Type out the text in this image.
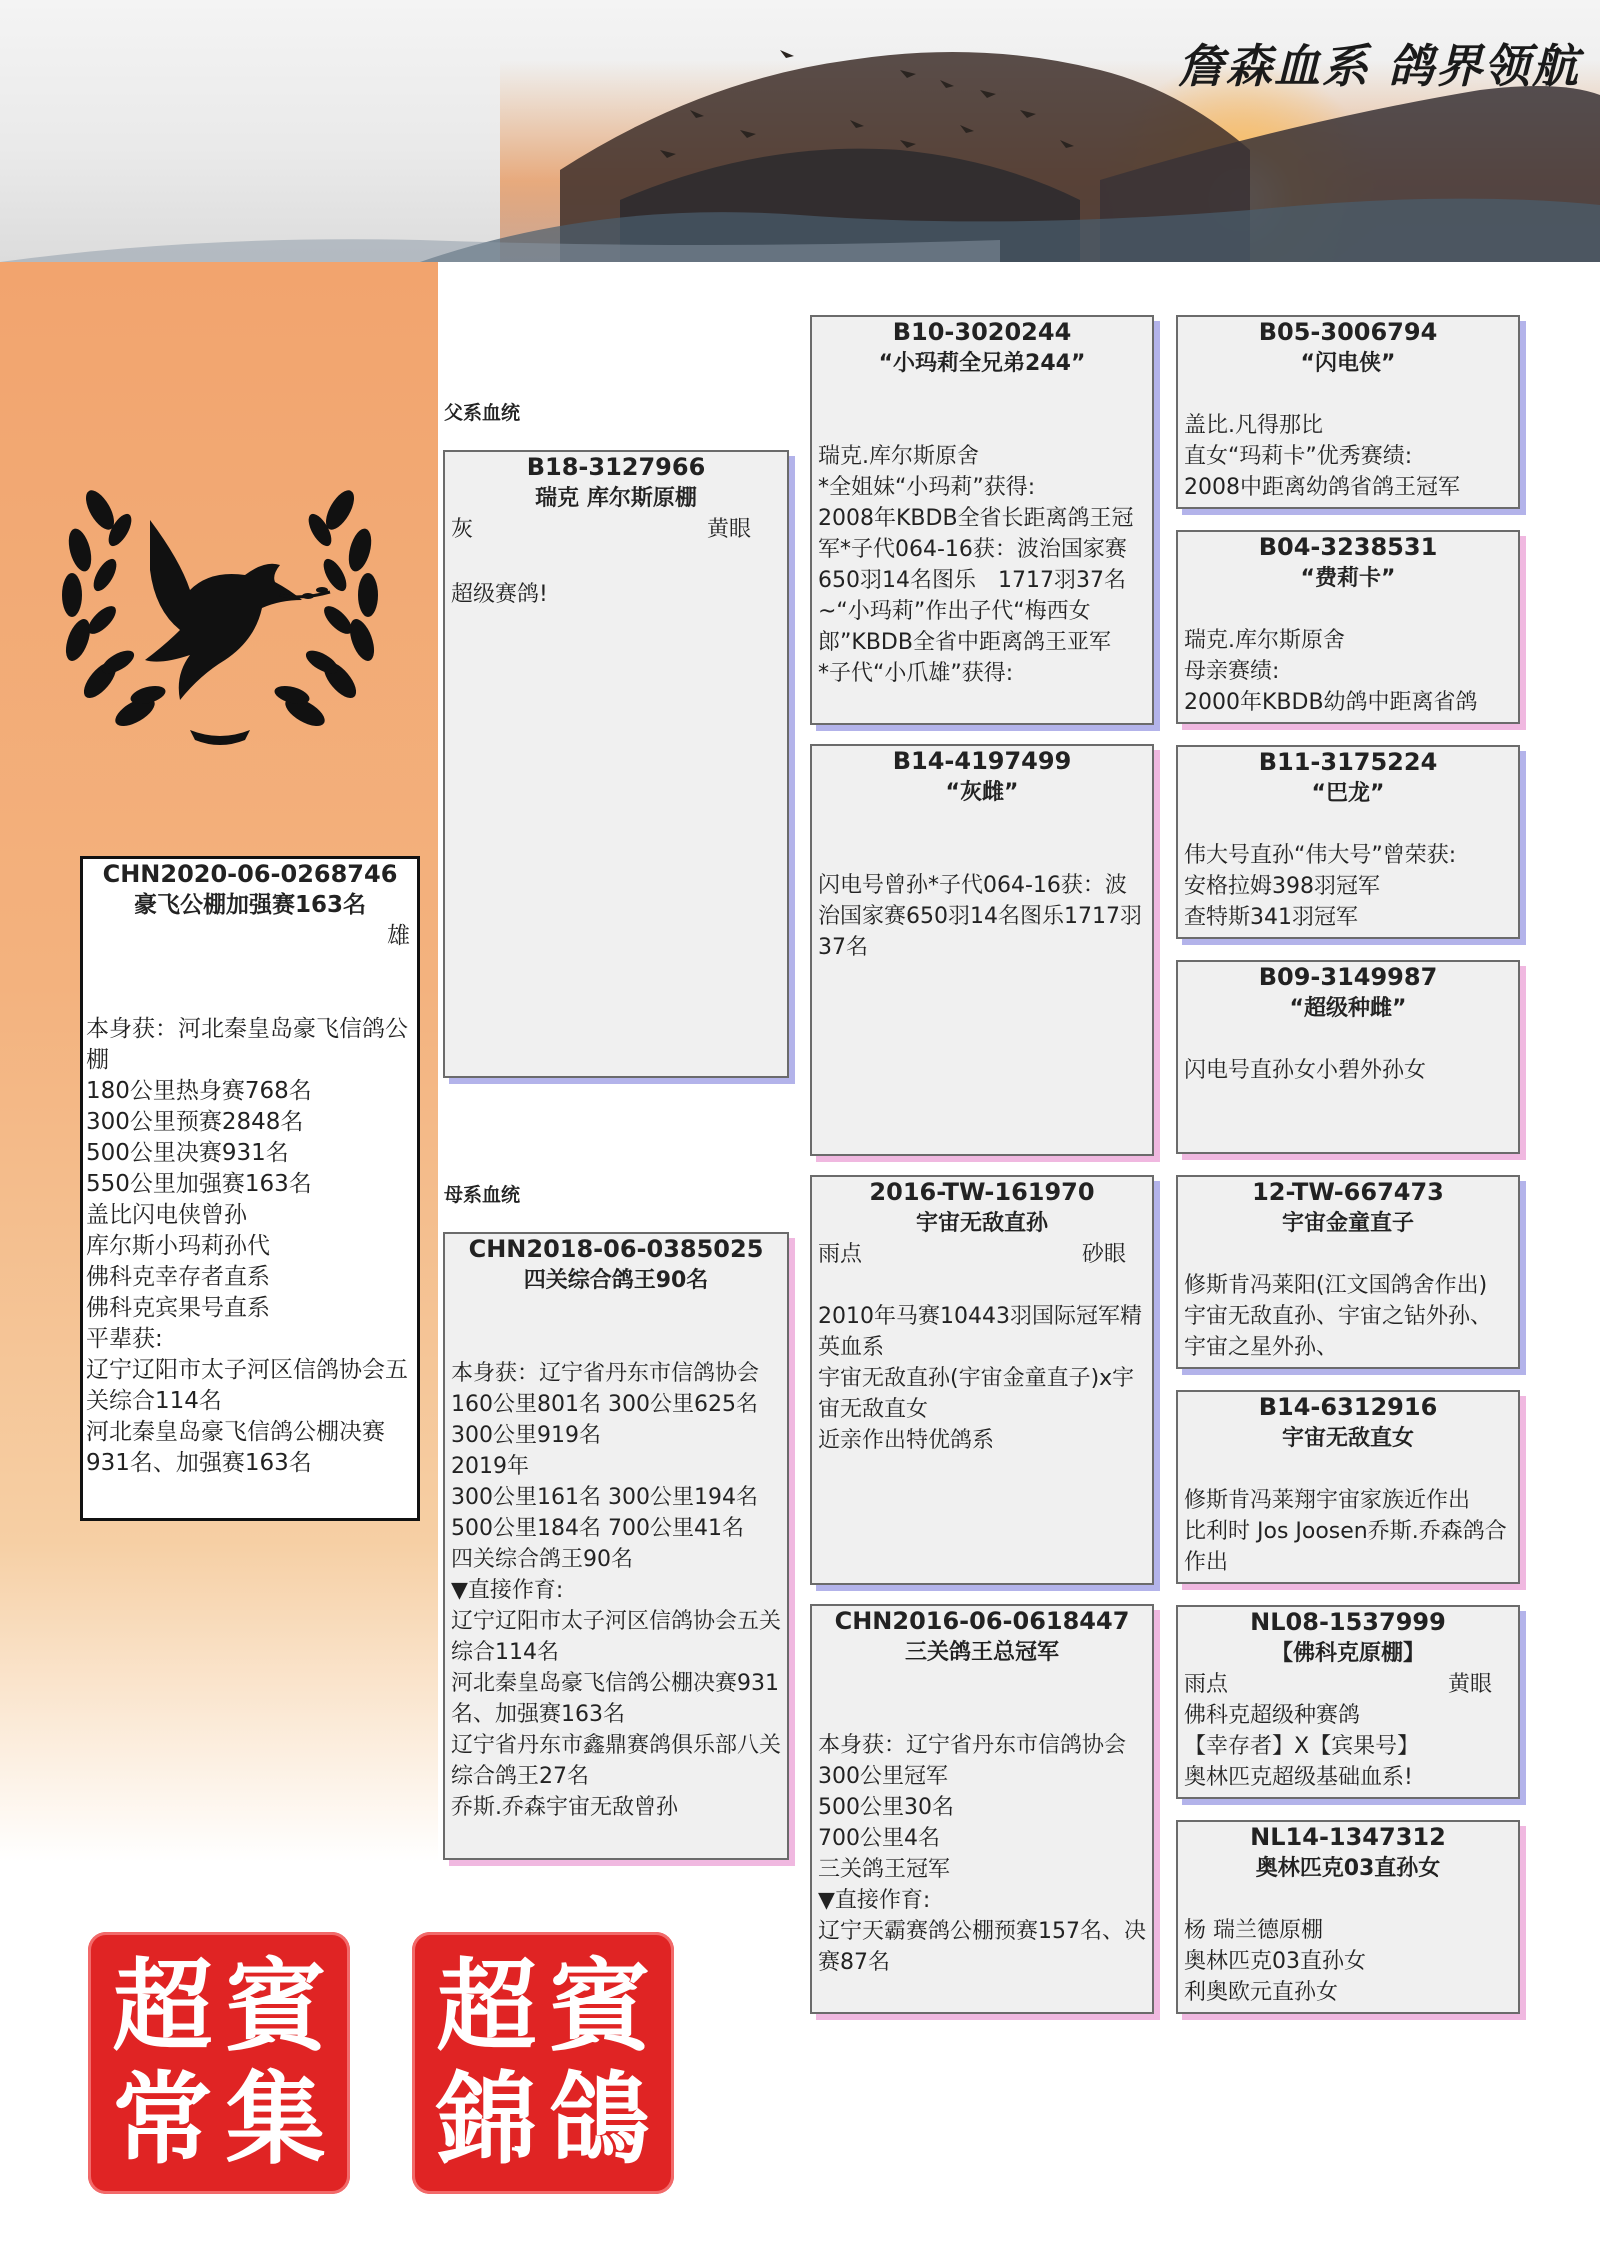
詹森血系 鸽界领航
父系血统
母系血统
CHN2020-06-0268746
豪飞公棚加强赛163名
雄
本身获：河北秦皇岛豪飞信鸽公棚
180公里热身赛768名
300公里预赛2848名
500公里决赛931名
550公里加强赛163名
盖比闪电侠曾孙
库尔斯小玛莉孙代
佛科克幸存者直系
佛科克宾果号直系
平辈获:
辽宁辽阳市太子河区信鸽协会五关综合114名
河北秦皇岛豪飞信鸽公棚决赛931名、加强赛163名
B18-3127966
瑞克 库尔斯原棚
灰	黄眼
超级赛鸽!
CHN2018-06-0385025
四关综合鸽王90名
本身获：辽宁省丹东市信鸽协会
160公里801名 300公里625名
300公里919名
2019年
300公里161名 300公里194名
500公里184名 700公里41名
四关综合鸽王90名
▼直接作育:
辽宁辽阳市太子河区信鸽协会五关综合114名
河北秦皇岛豪飞信鸽公棚决赛931名、加强赛163名
辽宁省丹东市鑫鼎赛鸽俱乐部八关综合鸽王27名
乔斯.乔森宇宙无敌曾孙
B10-3020244
“小玛莉全兄弟244”
瑞克.库尔斯原舍
*全姐妹“小玛莉”获得:
2008年KBDB全省长距离鸽王冠军*子代064-16获：波治国家赛650羽14名图乐　1717羽37名
~“小玛莉”作出子代“梅西女郎”KBDB全省中距离鸽王亚军
*子代“小爪雄”获得:
B14-4197499
“灰雌”
闪电号曾孙*子代064-16获：波治国家赛650羽14名图乐1717羽37名
2016-TW-161970
宇宙无敌直孙
雨点	砂眼
2010年马赛10443羽国际冠军精英血系
宇宙无敌直孙(宇宙金童直子)x宇宙无敌直女
近亲作出特优鸽系
CHN2016-06-0618447
三关鸽王总冠军
本身获：辽宁省丹东市信鸽协会
300公里冠军
500公里30名
700公里4名
三关鸽王冠军
▼直接作育:
辽宁天霸赛鸽公棚预赛157名、决赛87名
B05-3006794
“闪电侠”
盖比.凡得那比
直女“玛莉卡”优秀赛绩:
2008中距离幼鸽省鸽王冠军
B04-3238531
“费莉卡”
瑞克.库尔斯原舍
母亲赛绩:
2000年KBDB幼鸽中距离省鸽
B11-3175224
“巴龙”
伟大号直孙“伟大号”曾荣获:
安格拉姆398羽冠军
查特斯341羽冠军
B09-3149987
“超级种雌”
闪电号直孙女小碧外孙女
12-TW-667473
宇宙金童直子
修斯肯冯莱阳(江文国鸽舍作出)
宇宙无敌直孙、宇宙之钻外孙、宇宙之星外孙、
B14-6312916
宇宙无敌直女
修斯肯冯莱翔宇宙家族近作出
比利时 Jos Joosen乔斯.乔森鸽合作出
NL08-1537999
【佛科克原棚】
雨点	黄眼
佛科克超级种赛鸽
【幸存者】X【宾果号】
奥林匹克超级基础血系!
NL14-1347312
奥林匹克03直孙女
杨 瑞兰德原棚
奥林匹克03直孙女
利奥欧元直孙女
超 賓
常 集
超 賓
錦 鴿
